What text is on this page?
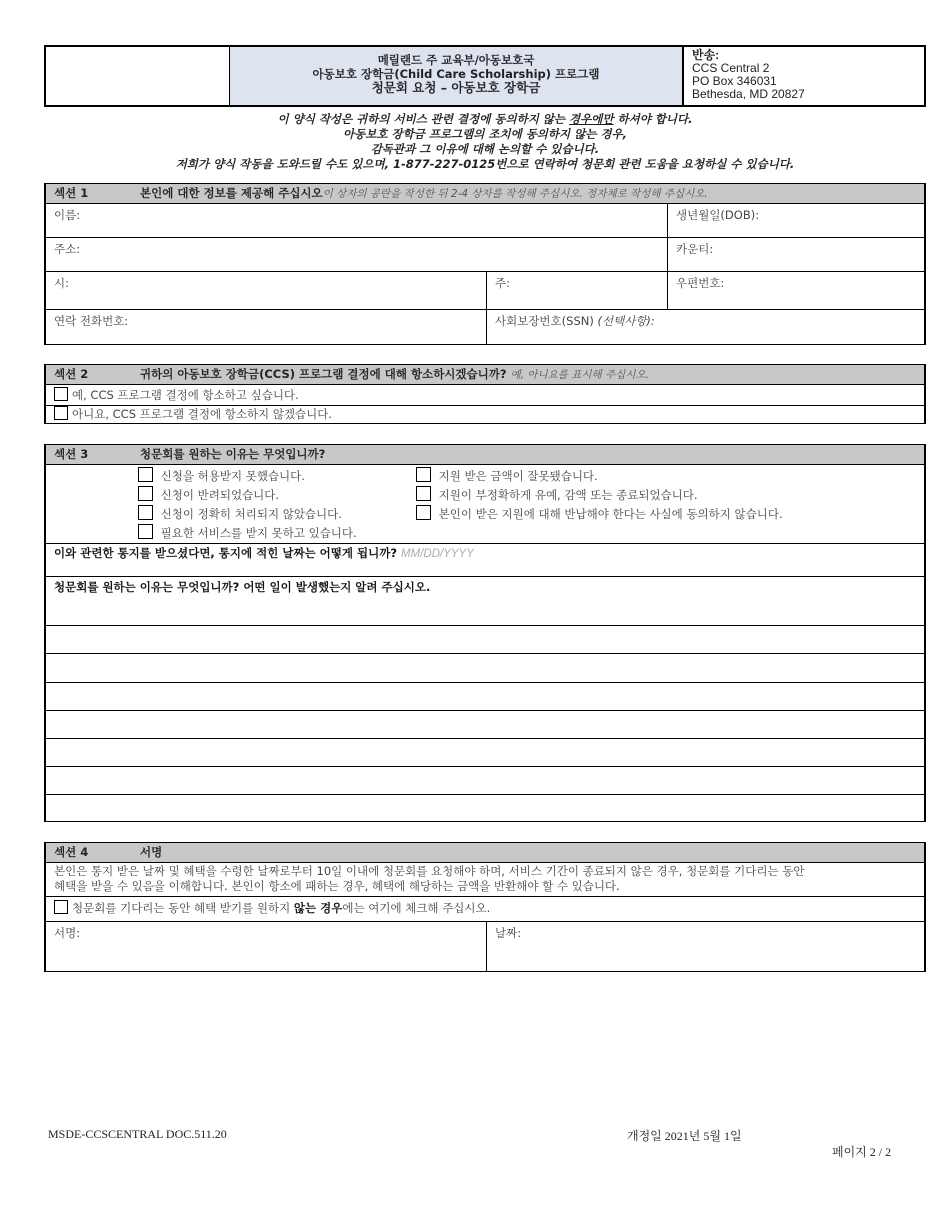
메릴랜드 주 교육부/아동보호국
아동보호 장학금(Child Care Scholarship) 프로그램
청문회 요청 – 아동보호 장학금
반송:
CCS Central 2
PO Box 346031
Bethesda, MD 20827
이 양식 작성은 귀하의 서비스 관련 결정에 동의하지 않는 경우에만 하셔야 합니다.
아동보호 장학금 프로그램의 조치에 동의하지 않는 경우,
감독관과 그 이유에 대해 논의할 수 있습니다.
저희가 양식 작동을 도와드릴 수도 있으며, 1-877-227-0125번으로 연락하여 청문회 관련 도움을 요청하실 수 있습니다.
섹션 1	본인에 대한 정보를 제공해 주십시오이 상자의 공란을 작성한 뒤 2-4 상자를 작성해 주십시오. 정자체로 작성해 주십시오.
이름:	생년월일(DOB):
주소:	카운티:
시:	주:	우편번호:
연락 전화번호:	사회보장번호(SSN) (선택사항):
섹션 2	귀하의 아동보호 장학금(CCS) 프로그램 결정에 대해 항소하시겠습니까? 예, 아니요를 표시해 주십시오.
예, CCS 프로그램 결정에 항소하고 싶습니다.
아니요, CCS 프로그램 결정에 항소하지 않겠습니다.
섹션 3	청문회를 원하는 이유는 무엇입니까?
신청을 허용받지 못했습니다.
신청이 반려되었습니다.
신청이 정확히 처리되지 않았습니다.
필요한 서비스를 받지 못하고 있습니다.
지원 받은 금액이 잘못됐습니다.
지원이 부정확하게 유예, 감액 또는 종료되었습니다.
본인이 받은 지원에 대해 반납해야 한다는 사실에 동의하지 않습니다.
이와 관련한 통지를 받으셨다면, 통지에 적힌 날짜는 어떻게 됩니까? MM/DD/YYYY
청문회를 원하는 이유는 무엇입니까? 어떤 일이 발생했는지 알려 주십시오.
섹션 4	서명
본인은 통지 받은 날짜 및 혜택을 수령한 날짜로부터 10일 이내에 청문회를 요청해야 하며, 서비스 기간이 종료되지 않은 경우, 청문회를 기다리는 동안
혜택을 받을 수 있음을 이해합니다. 본인이 항소에 패하는 경우, 혜택에 해당하는 금액을 반환해야 할 수 있습니다.
청문회를 기다리는 동안 혜택 받기를 원하지 않는 경우에는 여기에 체크해 주십시오.
서명:	날짜:
MSDE-CCSCENTRAL DOC.511.20	개정일 2021년 5월 1일
페이지 2 / 2
